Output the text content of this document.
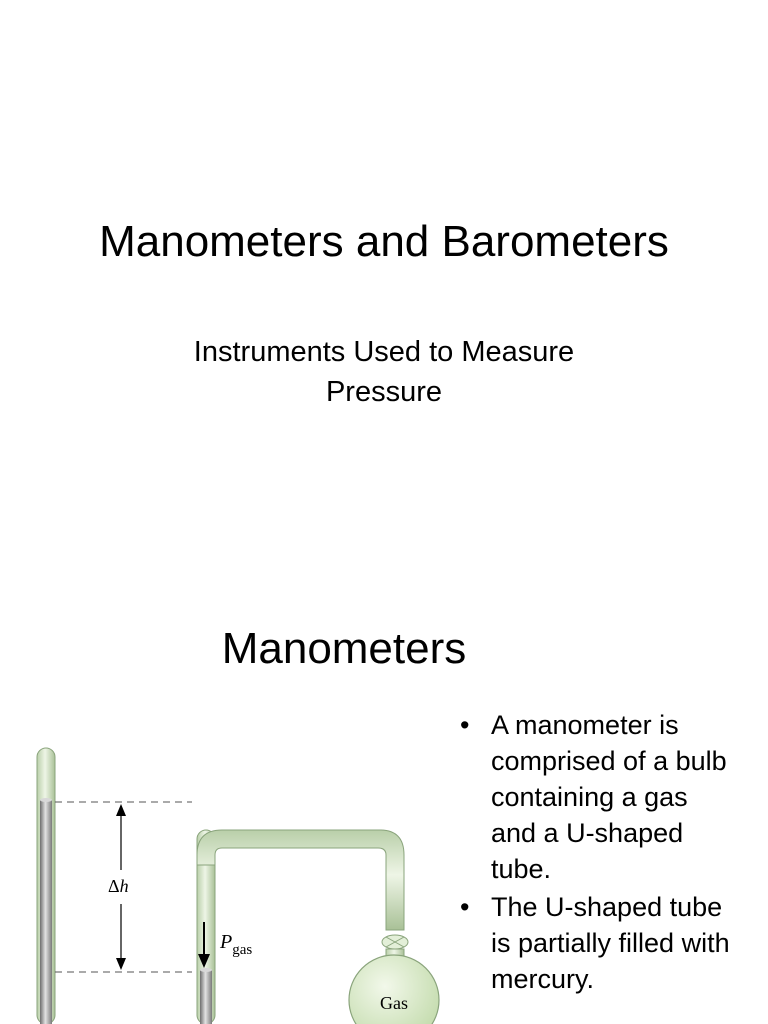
Manometers and Barometers
Instruments Used to Measure
Pressure
Manometers
• A manometer is
comprised of a bulb
containing a gas
and a U-shaped
tube.
• The U-shaped tube
is partially filled with
mercury.
Gas
Δh
$P_{gas}$
